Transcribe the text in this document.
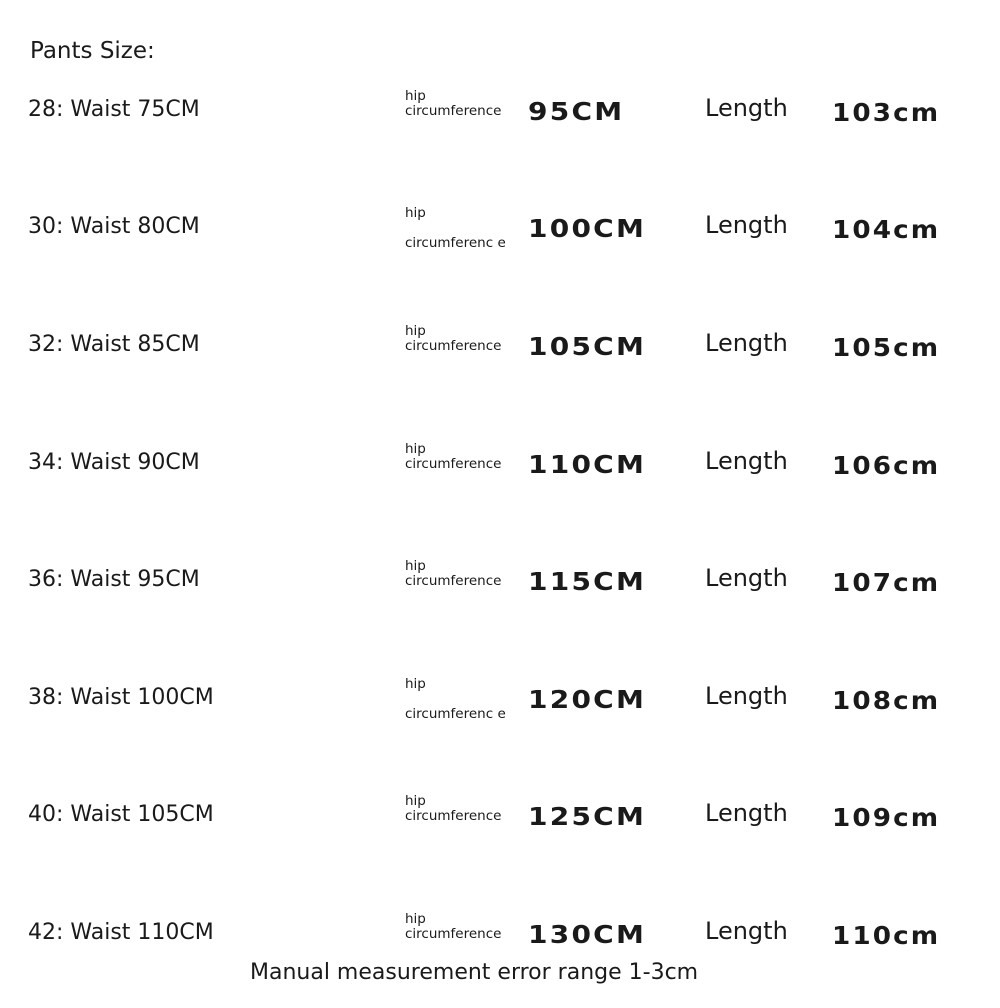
Pants Size:
28: Waist 75CM
hip circumference 95CM	Length 103cm
30: Waist 80CM
hip
circumferenc e 100CM Length 104cm
32: Waist 85CM
hip circumference 105CM Length 105cm
34: Waist 90CM
hip circumference 110CM Length 106cm
36: Waist 95CM
hip circumference 115CM Length 107cm
38: Waist 100CM
hip
circumferenc e 120CM Length 108cm
40: Waist 105CM
hip circumference 125CM Length 109cm
42: Waist 110CM
hip circumference 130CM Length 110cm
Manual measurement error range 1-3cm
